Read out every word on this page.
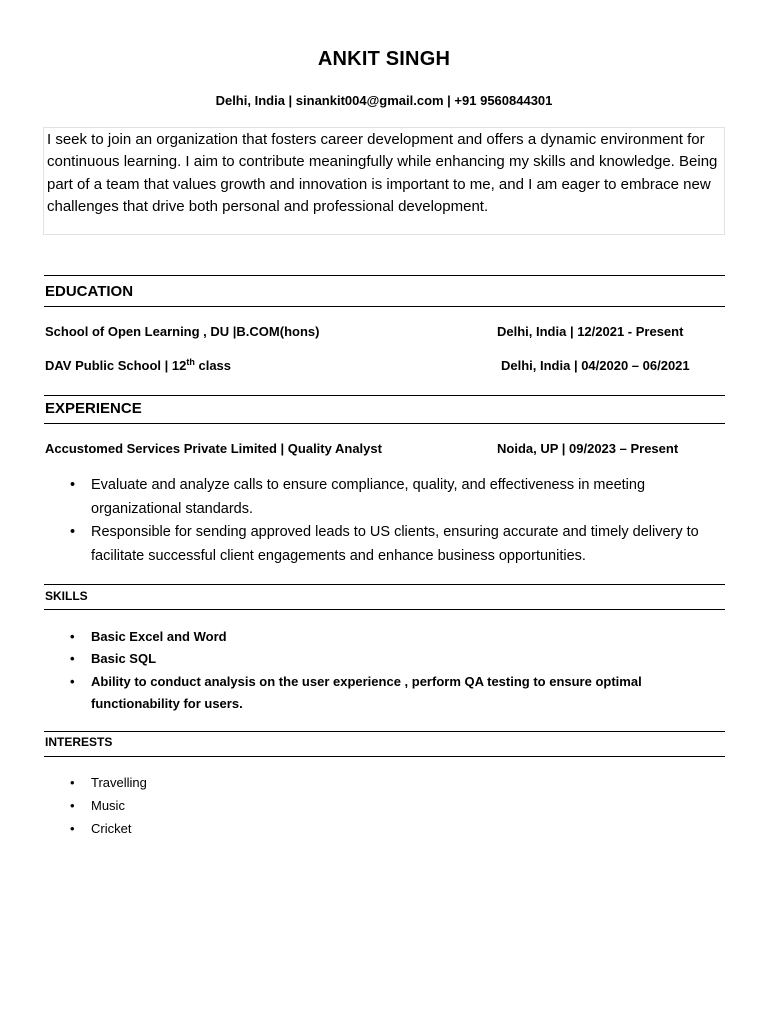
ANKIT SINGH
Delhi, India | sinankit004@gmail.com | +91 9560844301
I seek to join an organization that fosters career development and offers a dynamic environment for continuous learning. I aim to contribute meaningfully while enhancing my skills and knowledge. Being part of a team that values growth and innovation is important to me, and I am eager to embrace new challenges that drive both personal and professional development.
EDUCATION
School of Open Learning , DU |B.COM(hons)	Delhi, India | 12/2021 - Present
DAV Public School | 12th class	Delhi, India | 04/2020 – 06/2021
EXPERIENCE
Accustomed Services Private Limited | Quality Analyst	Noida, UP | 09/2023 – Present
• Evaluate and analyze calls to ensure compliance, quality, and effectiveness in meeting organizational standards.
• Responsible for sending approved leads to US clients, ensuring accurate and timely delivery to facilitate successful client engagements and enhance business opportunities.
SKILLS
• Basic Excel and Word
• Basic SQL
• Ability to conduct analysis on the user experience , perform QA testing to ensure optimal functionability for users.
INTERESTS
• Travelling
• Music
• Cricket
